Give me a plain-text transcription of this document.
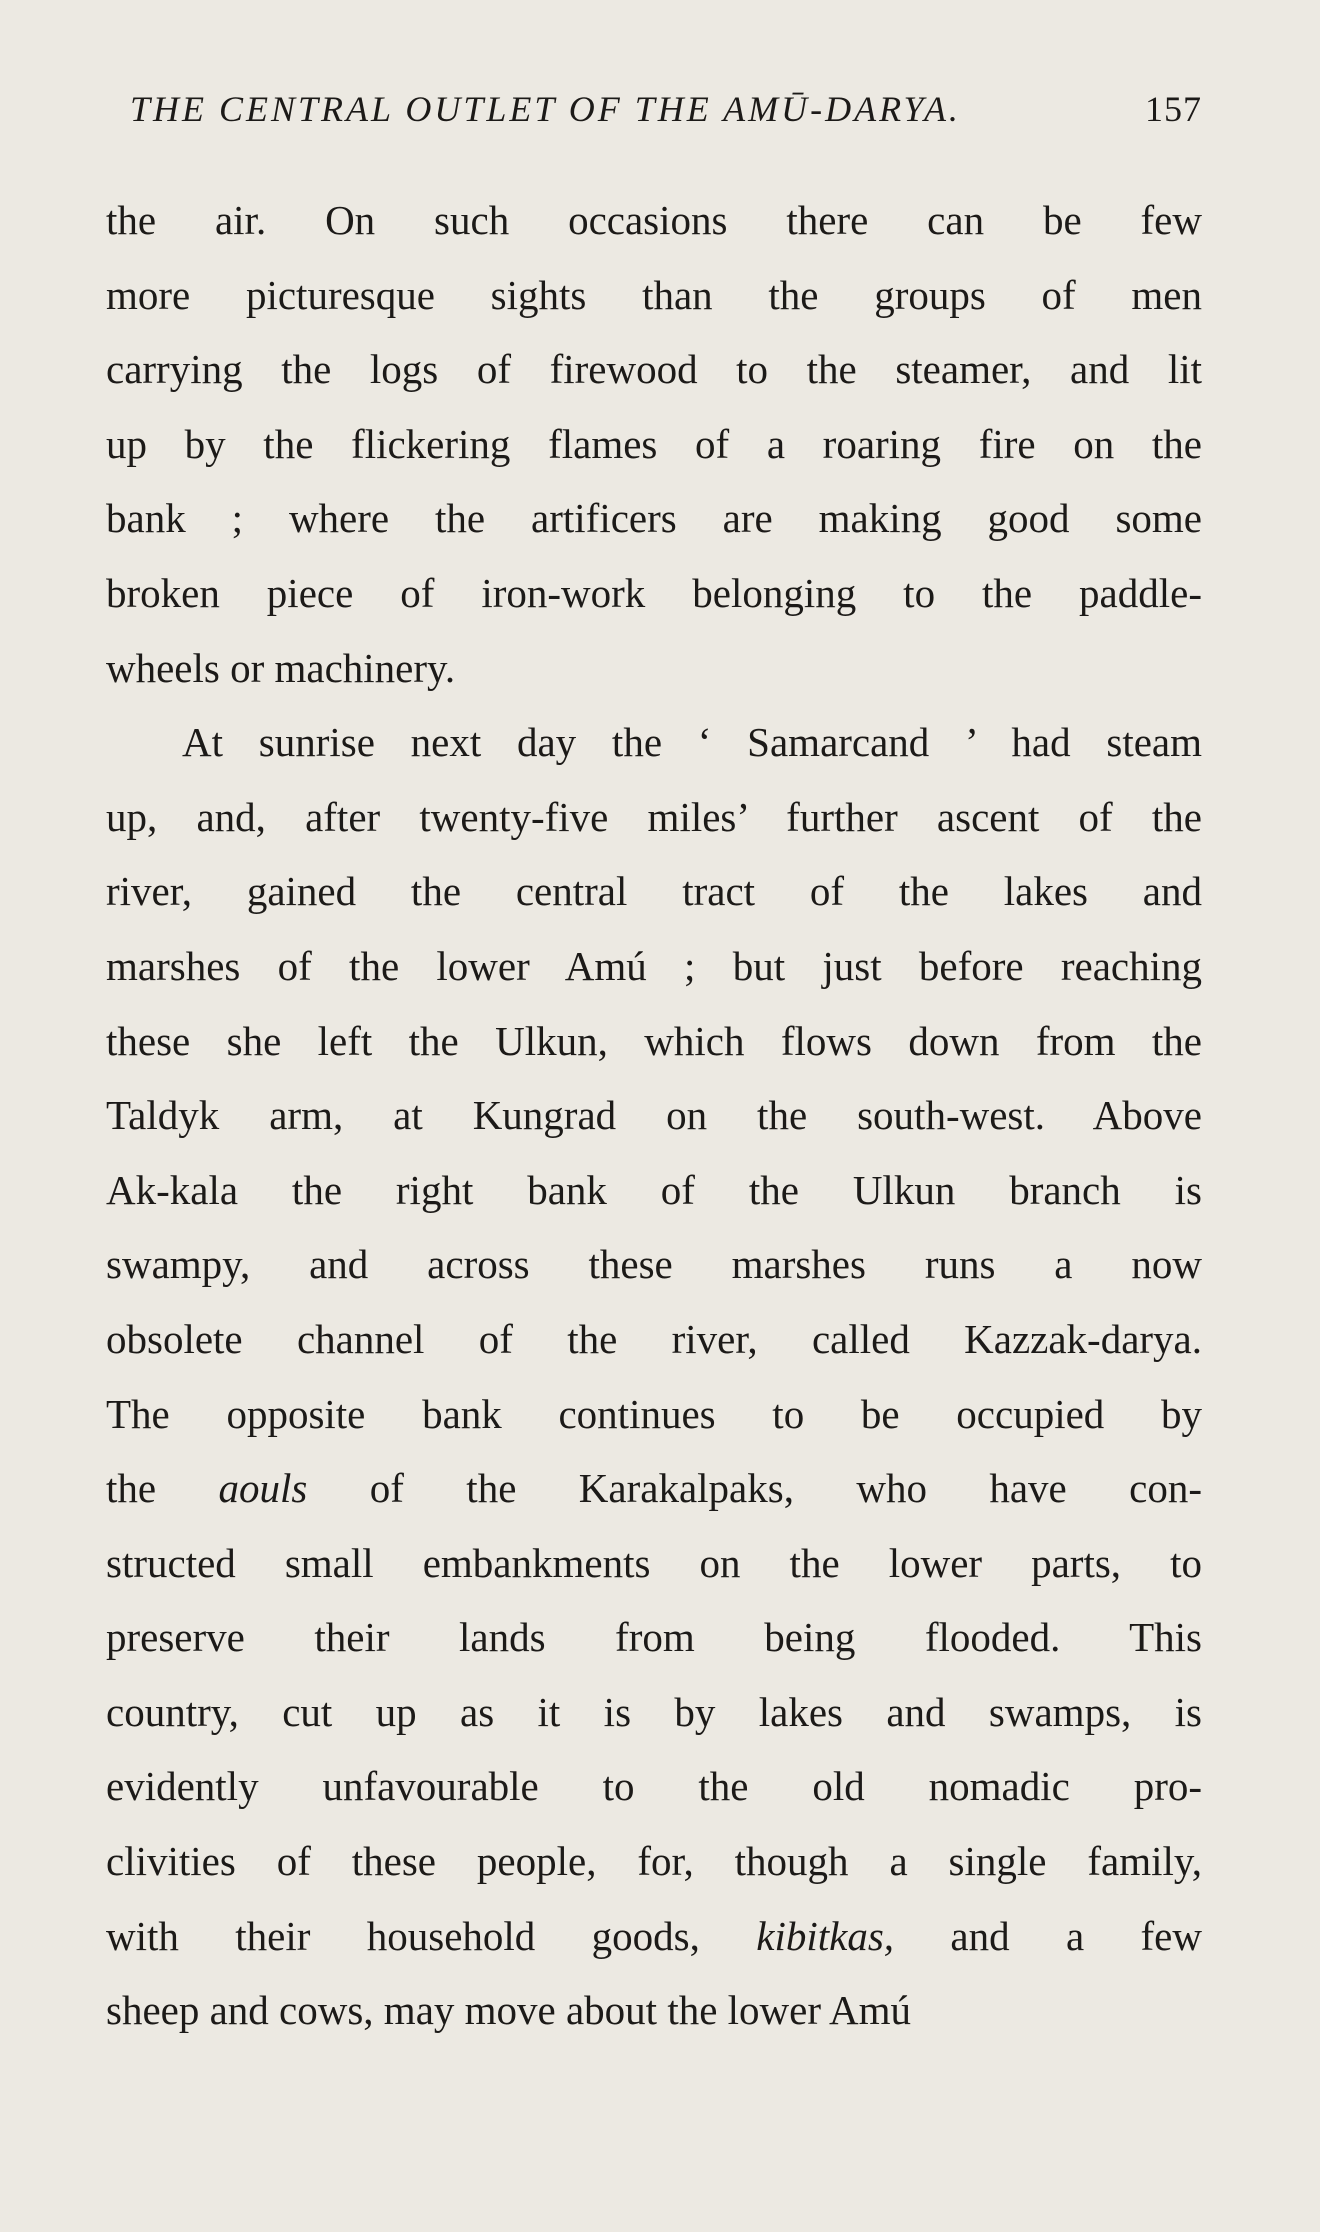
THE CENTRAL OUTLET OF THE AMŪ-DARYA.	157
the air. On such occasions there can be few
more picturesque sights than the groups of men
carrying the logs of firewood to the steamer, and lit
up by the flickering flames of a roaring fire on the
bank ; where the artificers are making good some
broken piece of iron-work belonging to the paddle-
wheels or machinery.
At sunrise next day the ‘ Samarcand ’ had steam
up, and, after twenty-five miles’ further ascent of the
river, gained the central tract of the lakes and
marshes of the lower Amú ; but just before reaching
these she left the Ulkun, which flows down from the
Taldyk arm, at Kungrad on the south-west. Above
Ak-kala the right bank of the Ulkun branch is
swampy, and across these marshes runs a now
obsolete channel of the river, called Kazzak-darya.
The opposite bank continues to be occupied by
the aouls of the Karakalpaks, who have con-
structed small embankments on the lower parts, to
preserve their lands from being flooded. This
country, cut up as it is by lakes and swamps, is
evidently unfavourable to the old nomadic pro-
clivities of these people, for, though a single family,
with their household goods, kibitkas, and a few
sheep and cows, may move about the lower Amú
